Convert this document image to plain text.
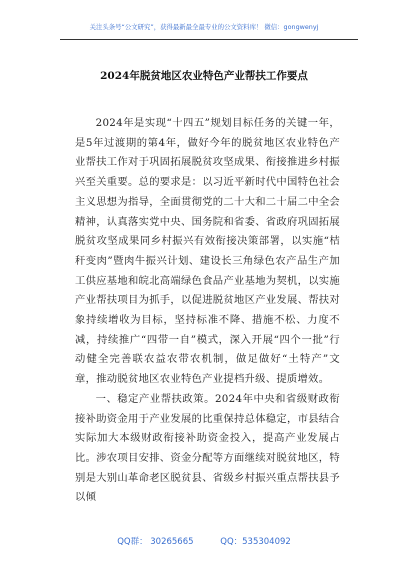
关注头条号“公文研究”，获得最新最全最专业的公文资料库！ 微信：gongwenyj
2024年脱贫地区农业特色产业帮扶工作要点

2024年是实现“十四五”规划目标任务的关键一年，是5年过渡期的第4年，做好今年的脱贫地区农业特色产业帮扶工作对于巩固拓展脱贫攻坚成果、衔接推进乡村振兴至关重要。总的要求是：以习近平新时代中国特色社会主义思想为指导，全面贯彻党的二十大和二十届二中全会精神，认真落实党中央、国务院和省委、省政府巩固拓展脱贫攻坚成果同乡村振兴有效衔接决策部署，以实施“桔秆变肉”暨肉牛振兴计划、建设长三角绿色农产品生产加工供应基地和皖北高端绿色食品产业基地为契机，以实施产业帮扶项目为抓手，以促进脱贫地区产业发展、帮扶对象持续增收为目标，坚持标准不降、措施不松、力度不减，持续推广“四带一自”模式，深入开展“四个一批”行动健全完善联农益农带农机制，做足做好“土特产”文章，推动脱贫地区农业特色产业提档升级、提质增效。

一、稳定产业帮扶政策。2024年中央和省级财政衔接补助资金用于产业发展的比重保持总体稳定，市县结合实际加大本级财政衔接补助资金投入，提高产业发展占比。涉农项目安排、资金分配等方面继续对脱贫地区，特别是大别山革命老区脱贫县、省级乡村振兴重点帮扶县予以倾

QQ群： 30265665	QQ：535304092
